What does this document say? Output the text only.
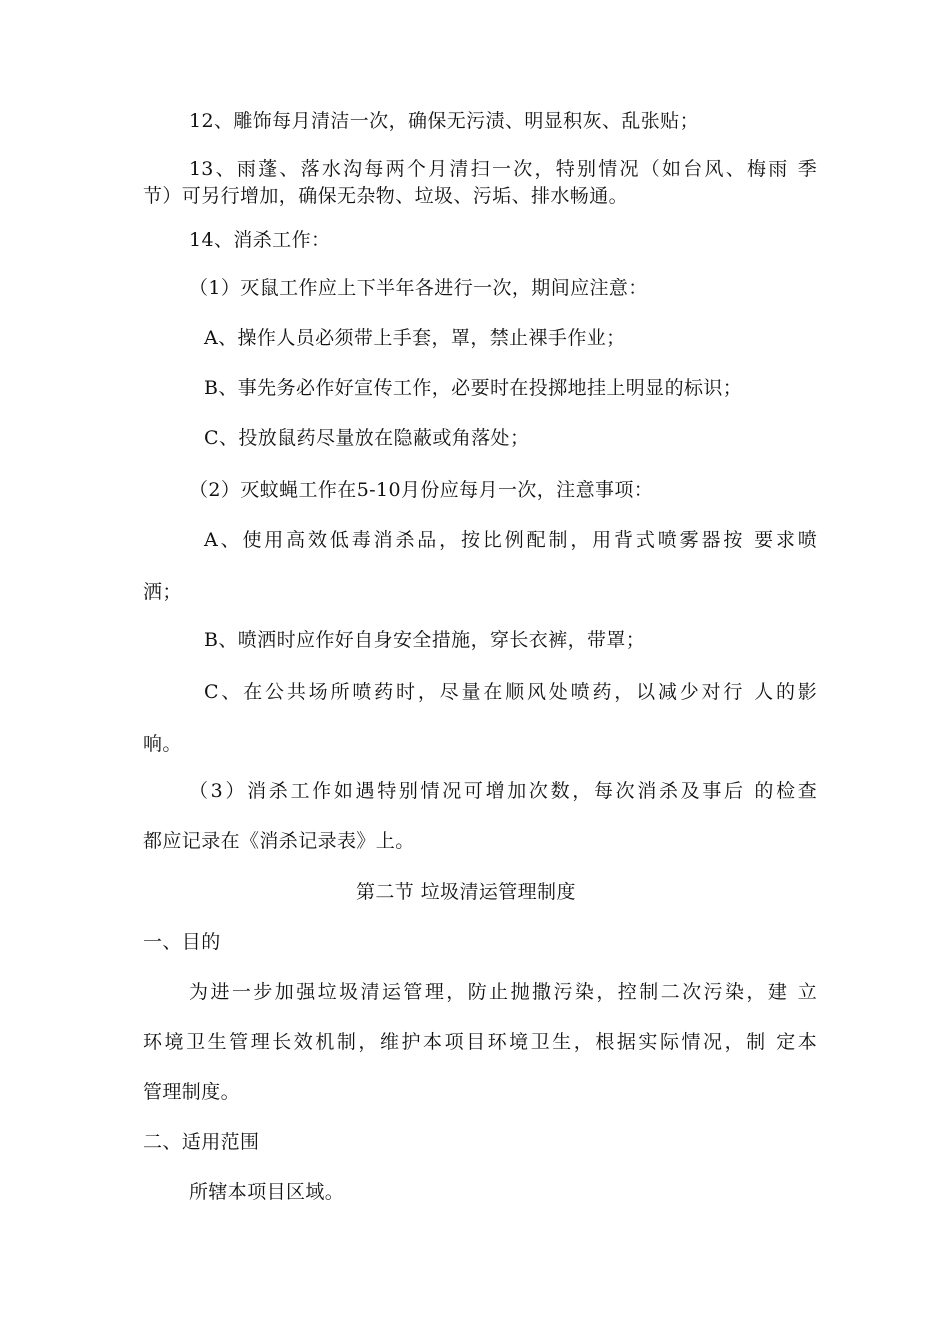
12、雕饰每月清洁一次，确保无污渍、明显积灰、乱张贴；
13、雨蓬、落水沟每两个月清扫一次，特别情况（如台风、梅雨 季
节）可另行增加，确保无杂物、垃圾、污垢、排水畅通。
14、消杀工作：
（1）灭鼠工作应上下半年各进行一次，期间应注意：
A、操作人员必须带上手套，罩，禁止裸手作业；
B、事先务必作好宣传工作，必要时在投掷地挂上明显的标识；
C、投放鼠药尽量放在隐蔽或角落处；
（2）灭蚊蝇工作在5-10月份应每月一次，注意事项：
A、使用高效低毒消杀品，按比例配制，用背式喷雾器按 要求喷
洒；
B、喷洒时应作好自身安全措施，穿长衣裤，带罩；
C、在公共场所喷药时，尽量在顺风处喷药，以减少对行 人的影
响。
（3）消杀工作如遇特别情况可增加次数，每次消杀及事后 的检查
都应记录在《消杀记录表》上。
第二节 垃圾清运管理制度
一、目的
为进一步加强垃圾清运管理，防止抛撒污染，控制二次污染，建 立
环境卫生管理长效机制，维护本项目环境卫生，根据实际情况，制 定本
管理制度。
二、适用范围
所辖本项目区域。
